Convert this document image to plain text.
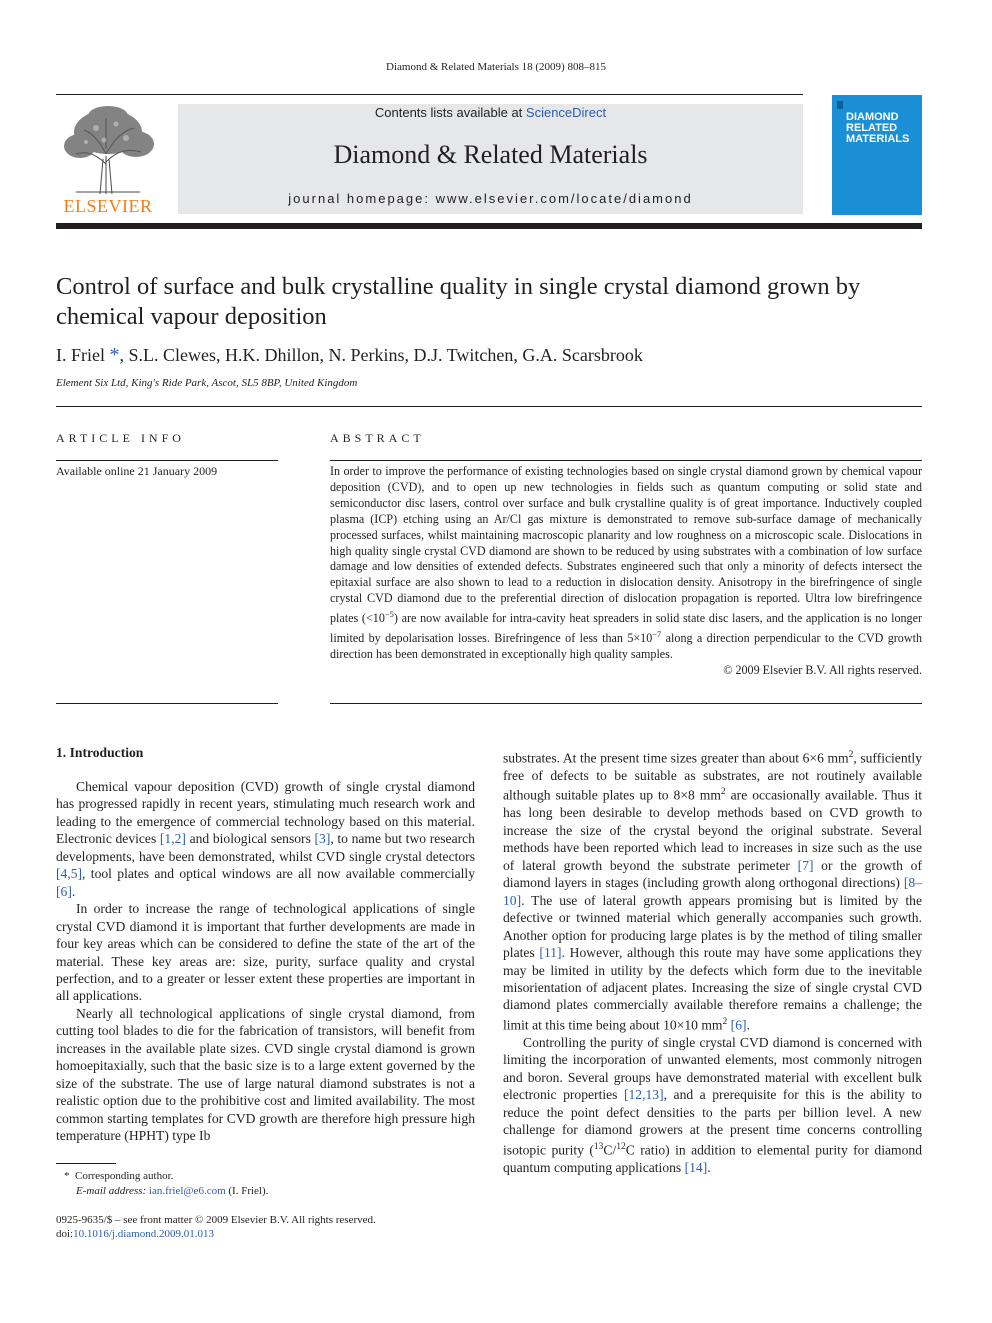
Diamond & Related Materials 18 (2009) 808–815
ELSEVIER
Contents lists available at ScienceDirect
Diamond & Related Materials
journal homepage: www.elsevier.com/locate/diamond
DIAMOND
RELATED
MATERIALS
Control of surface and bulk crystalline quality in single crystal diamond grown by chemical vapour deposition
I. Friel *, S.L. Clewes, H.K. Dhillon, N. Perkins, D.J. Twitchen, G.A. Scarsbrook
Element Six Ltd, King's Ride Park, Ascot, SL5 8BP, United Kingdom
ARTICLE INFO
Available online 21 January 2009
ABSTRACT
In order to improve the performance of existing technologies based on single crystal diamond grown by chemical vapour deposition (CVD), and to open up new technologies in fields such as quantum computing or solid state and semiconductor disc lasers, control over surface and bulk crystalline quality is of great importance. Inductively coupled plasma (ICP) etching using an Ar/Cl gas mixture is demonstrated to remove sub-surface damage of mechanically processed surfaces, whilst maintaining macroscopic planarity and low roughness on a microscopic scale. Dislocations in high quality single crystal CVD diamond are shown to be reduced by using substrates with a combination of low surface damage and low densities of extended defects. Substrates engineered such that only a minority of defects intersect the epitaxial surface are also shown to lead to a reduction in dislocation density. Anisotropy in the birefringence of single crystal CVD diamond due to the preferential direction of dislocation propagation is reported. Ultra low birefringence plates $(<10^{-5})$ are now available for intra-cavity heat spreaders in solid state disc lasers, and the application is no longer limited by depolarisation losses. Birefringence of less than $5\times 10^{-7}$ along a direction perpendicular to the CVD growth direction has been demonstrated in exceptionally high quality samples.
© 2009 Elsevier B.V. All rights reserved.
1. Introduction

Chemical vapour deposition (CVD) growth of single crystal diamond has progressed rapidly in recent years, stimulating much research work and leading to the emergence of commercial technology based on this material. Electronic devices [1,2] and biological sensors [3], to name but two research developments, have been demonstrated, whilst CVD single crystal detectors [4,5], tool plates and optical windows are all now available commercially [6].

In order to increase the range of technological applications of single crystal CVD diamond it is important that further developments are made in four key areas which can be considered to define the state of the art of the material. These key areas are: size, purity, surface quality and crystal perfection, and to a greater or lesser extent these properties are important in all applications.

Nearly all technological applications of single crystal diamond, from cutting tool blades to die for the fabrication of transistors, will benefit from increases in the available plate sizes. CVD single crystal diamond is grown homoepitaxially, such that the basic size is to a large extent governed by the size of the substrate. The use of large natural diamond substrates is not a realistic option due to the prohibitive cost and limited availability. The most common starting templates for CVD growth are therefore high pressure high temperature (HPHT) type Ib

substrates. At the present time sizes greater than about 6×6 $mm^2$, sufficiently free of defects to be suitable as substrates, are not routinely available although suitable plates up to 8×8 $mm^2$ are occasionally available. Thus it has long been desirable to develop methods based on CVD growth to increase the size of the crystal beyond the original substrate. Several methods have been reported which lead to increases in size such as the use of lateral growth beyond the substrate perimeter [7] or the growth of diamond layers in stages (including growth along orthogonal directions) [8–10]. The use of lateral growth appears promising but is limited by the defective or twinned material which generally accompanies such growth. Another option for producing large plates is by the method of tiling smaller plates [11]. However, although this route may have some applications they may be limited in utility by the defects which form due to the inevitable misorientation of adjacent plates. Increasing the size of single crystal CVD diamond plates commercially available therefore remains a challenge; the limit at this time being about 10×10 $mm^2$ [6].

Controlling the purity of single crystal CVD diamond is concerned with limiting the incorporation of unwanted elements, most commonly nitrogen and boron. Several groups have demonstrated material with excellent bulk electronic properties [12,13], and a prerequisite for this is the ability to reduce the point defect densities to the parts per billion level. A new challenge for diamond growers at the present time concerns controlling isotopic purity ($^{13}$C/$^{12}$C ratio) in addition to elemental purity for diamond quantum computing applications [14].

*  Corresponding author.
E-mail address: ian.friel@e6.com (I. Friel).
0925-9635/$ – see front matter © 2009 Elsevier B.V. All rights reserved.
doi:10.1016/j.diamond.2009.01.013
